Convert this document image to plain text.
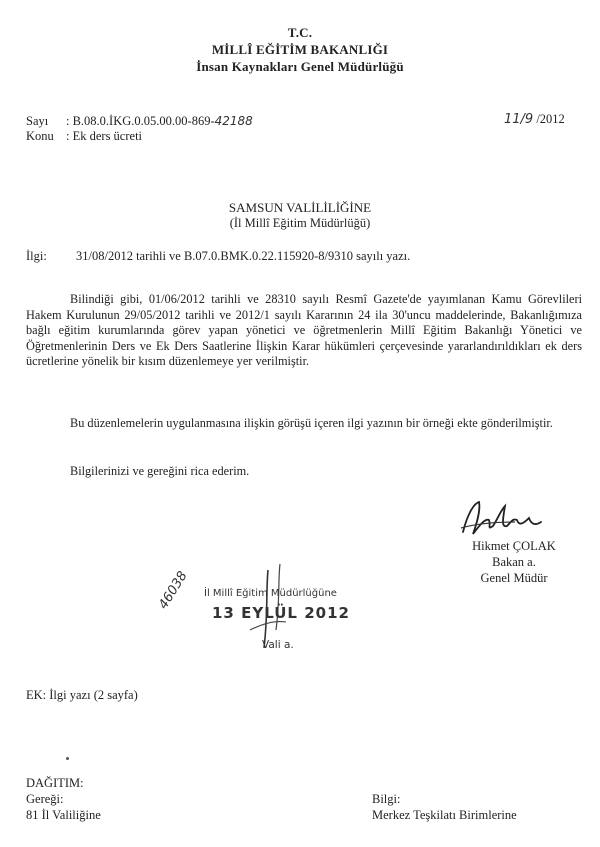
T.C.
MİLLÎ EĞİTİM BAKANLIĞI
İnsan Kaynakları Genel Müdürlüğü
Sayı : B.08.0.İKG.0.05.00.00-869-42188	11/9 /2012
Konu : Ek ders ücreti
SAMSUN VALİLİLİĞİNE
(İl Millî Eğitim Müdürlüğü)
İlgi: 31/08/2012 tarihli ve B.07.0.BMK.0.22.115920-8/9310 sayılı yazı.

Bilindiği gibi, 01/06/2012 tarihli ve 28310 sayılı Resmî Gazete'de yayımlanan Kamu Görevlileri Hakem Kurulunun 29/05/2012 tarihli ve 2012/1 sayılı Kararının 24 ila 30'uncu maddelerinde, Bakanlığımıza bağlı eğitim kurumlarında görev yapan yönetici ve öğretmenlerin Millî Eğitim Bakanlığı Yönetici ve Öğretmenlerinin Ders ve Ek Ders Saatlerine İlişkin Karar hükümleri çerçevesinde yararlandırıldıkları ek ders ücretlerine yönelik bir kısım düzenlemeye yer verilmiştir.

Bu düzenlemelerin uygulanmasına ilişkin görüşü içeren ilgi yazının bir örneği ekte gönderilmiştir.

Bilgilerinizi ve gereğini rica ederim.

Hikmet ÇOLAK
Bakan a.
Genel Müdür
46038 İl Millî Eğitim Müdürlüğüne
13 EYLÜL 2012
Vali a.
EK: İlgi yazı (2 sayfa)
DAĞITIM:
Gereği:
81 İl Valiliğine
Bilgi:
Merkez Teşkilatı Birimlerine
